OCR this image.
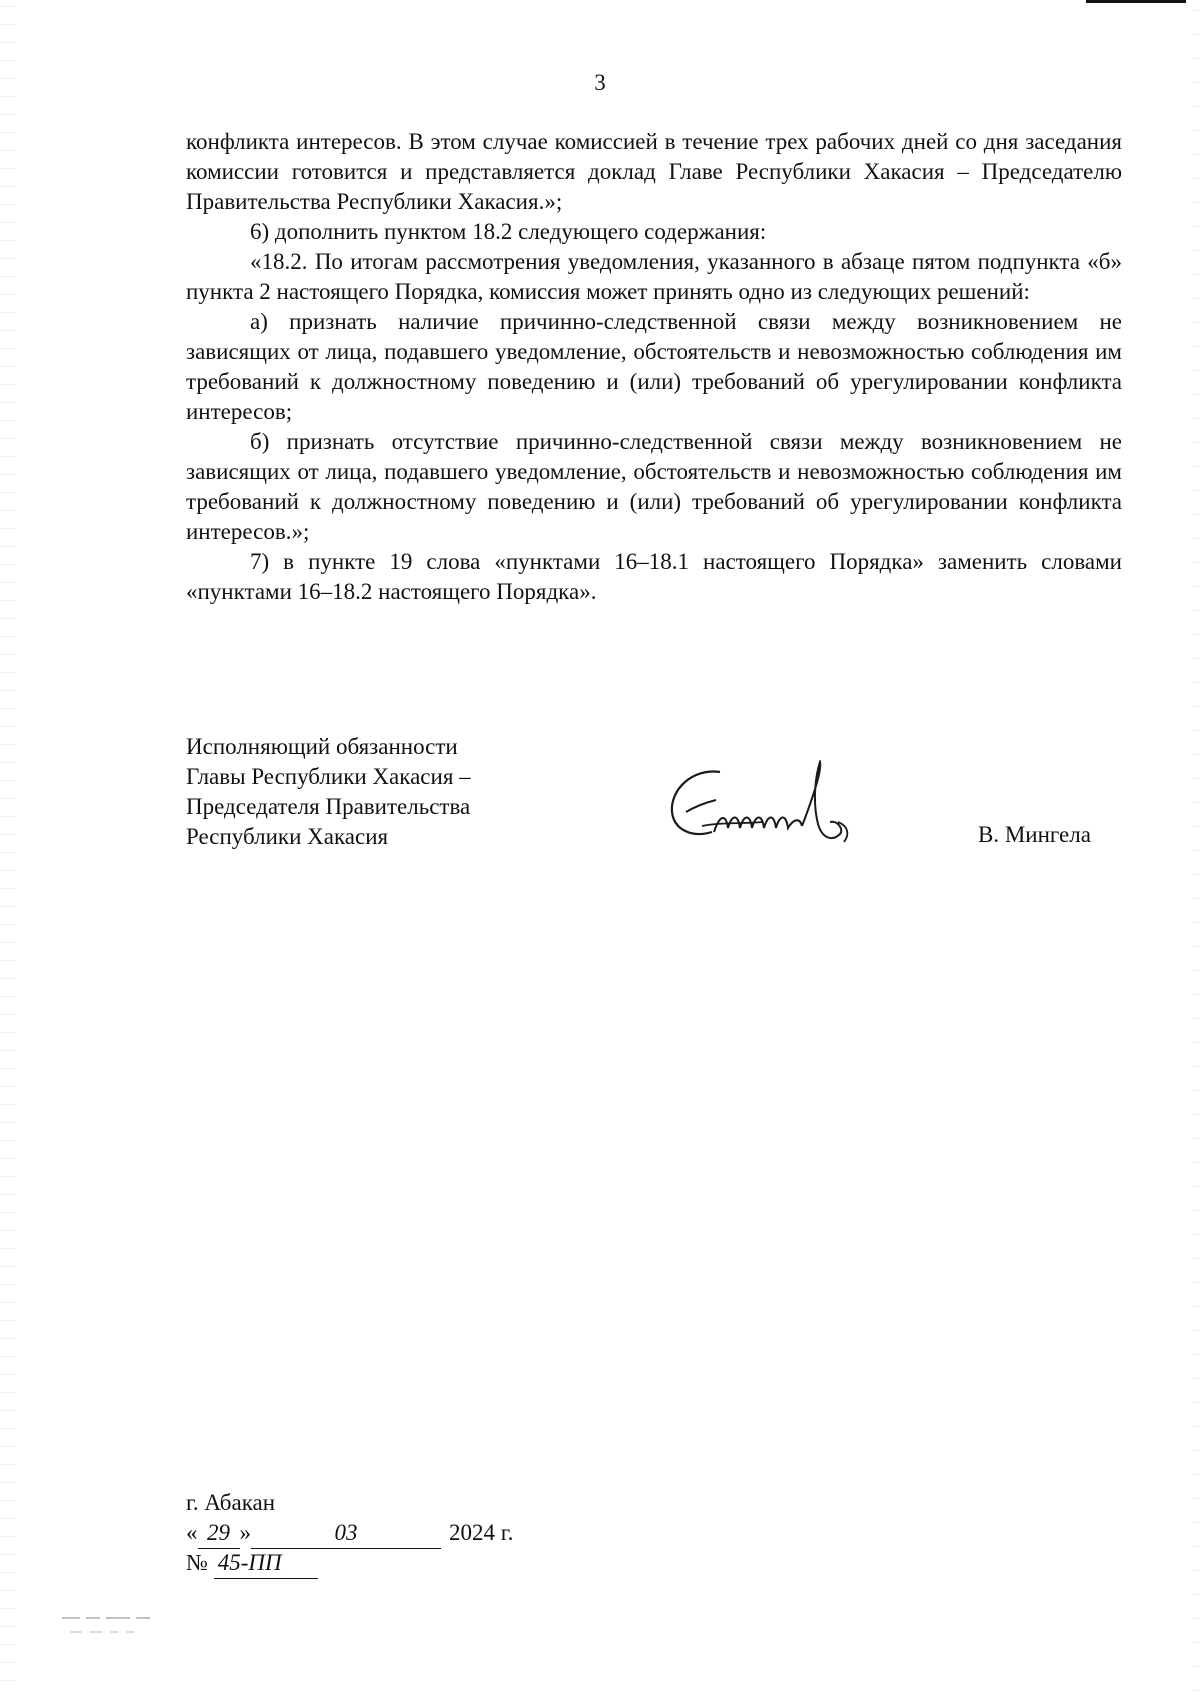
3

конфликта интересов. В этом случае комиссией в течение трех рабочих дней со дня заседания комиссии готовится и представляется доклад Главе Республики Хакасия – Председателю Правительства Республики Хакасия.»;

6) дополнить пунктом 18.2 следующего содержания:

«18.2. По итогам рассмотрения уведомления, указанного в абзаце пятом подпункта «б» пункта 2 настоящего Порядка, комиссия может принять одно из следующих решений:

а) признать наличие причинно-следственной связи между возникновением не зависящих от лица, подавшего уведомление, обстоятельств и невозможностью соблюдения им требований к должностному поведению и (или) требований об урегулировании конфликта интересов;

б) признать отсутствие причинно-следственной связи между возникновением не зависящих от лица, подавшего уведомление, обстоятельств и невозможностью соблюдения им требований к должностному поведению и (или) требований об урегулировании конфликта интересов.»;

7) в пункте 19 слова «пунктами 16–18.1 настоящего Порядка» заменить словами «пунктами 16–18.2 настоящего Порядка».

Исполняющий обязанности
Главы Республики Хакасия –
Председателя Правительства
Республики Хакасия	В. Мингела
г. Абакан
« 29 »	03	2024 г.
№ 45-ПП
